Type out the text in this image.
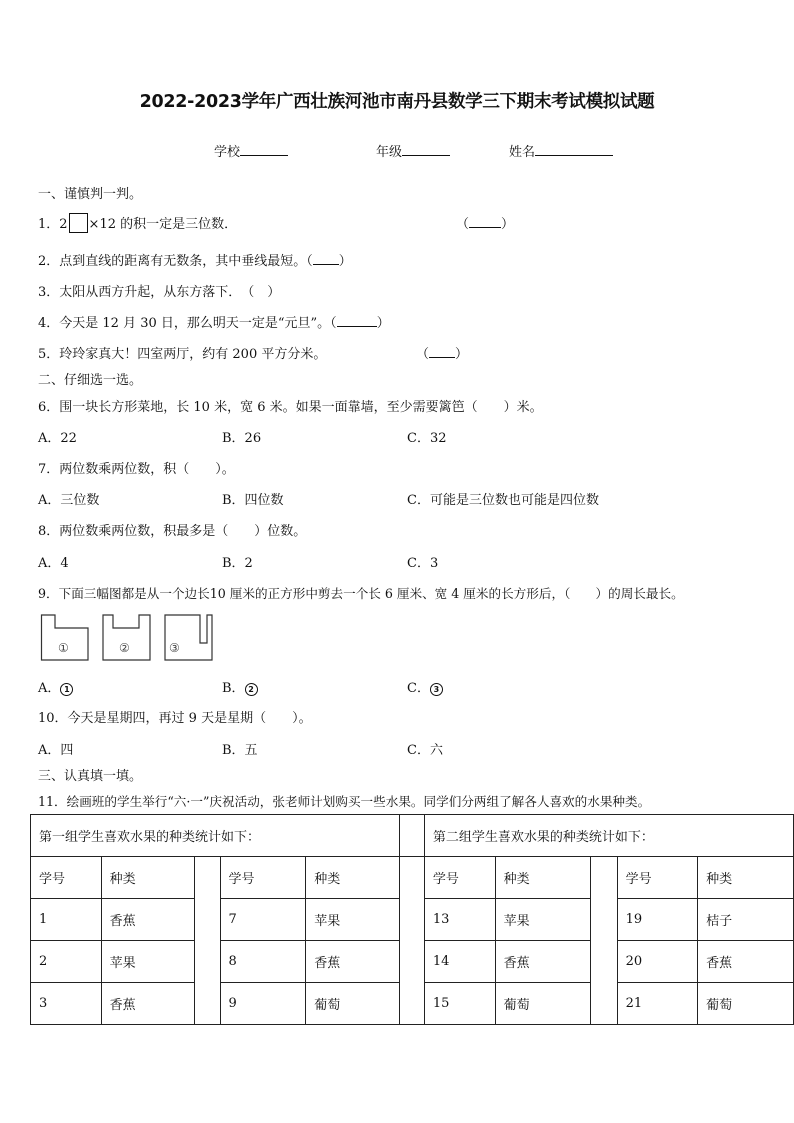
2022-2023学年广西壮族河池市南丹县数学三下期末考试模拟试题
学校	年级	姓名
一、谨慎判一判。
1．2 ×12 的积一定是三位数．	（ ）
2．点到直线的距离有无数条，其中垂线最短。（ ）
3．太阳从西方升起，从东方落下．　（　）
4．今天是 12 月 30 日，那么明天一定是“元旦”。（	）
5．玲玲家真大！四室两厅，约有 200 平方分米。	（ ）
二、仔细选一选。
6．围一块长方形菜地，长 10 米，宽 6 米。如果一面靠墙，至少需要篱笆（　　）米。
A．22	B．26	C．32
7．两位数乘两位数，积（　　）。
A．三位数	B．四位数	C．可能是三位数也可能是四位数
8．两位数乘两位数，积最多是（　　）位数。
A．4	B．2	C．3
9．下面三幅图都是从一个边长10 厘米的正方形中剪去一个长 6 厘米、宽 4 厘米的长方形后，（　　）的周长最长。
①	②	③
A． 1	B． 2	C． 3
10．今天是星期四，再过 9 天是星期（　　）。
A．四	B．五	C．六
三、认真填一填。
11．绘画班的学生举行“六·一”庆祝活动，张老师计划购买一些水果。同学们分两组了解各人喜欢的水果种类。
第一组学生喜欢水果的种类统计如下：						第二组学生喜欢水果的种类统计如下：				
学号	种类		学号	种类		学号	种类		学号	种类
1	香蕉		7	苹果		13	苹果		19	桔子
2	苹果		8	香蕉		14	香蕉		20	香蕉
3	香蕉		9	葡萄		15	葡萄		21	葡萄
